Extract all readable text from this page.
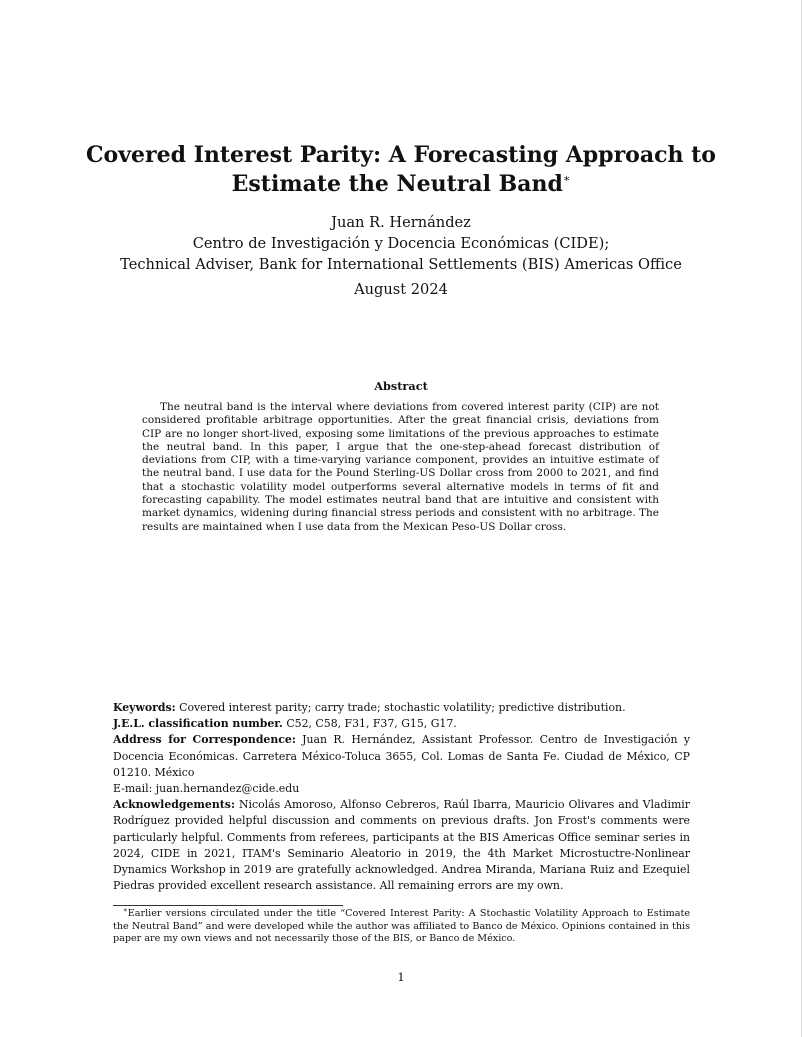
Covered Interest Parity: A Forecasting Approach to Estimate the Neutral Band∗
Juan R. Hernández
Centro de Investigación y Docencia Económicas (CIDE);
Technical Adviser, Bank for International Settlements (BIS) Americas Office
August 2024
Abstract
The neutral band is the interval where deviations from covered interest parity (CIP) are not considered profitable arbitrage opportunities. After the great financial crisis, deviations from CIP are no longer short-lived, exposing some limitations of the previous approaches to estimate the neutral band. In this paper, I argue that the one-step-ahead forecast distribution of deviations from CIP, with a time-varying variance component, provides an intuitive estimate of the neutral band. I use data for the Pound Sterling-US Dollar cross from 2000 to 2021, and find that a stochastic volatility model outperforms several alternative models in terms of fit and forecasting capability. The model estimates neutral band that are intuitive and consistent with market dynamics, widening during financial stress periods and consistent with no arbitrage. The results are maintained when I use data from the Mexican Peso-US Dollar cross.

Keywords: Covered interest parity; carry trade; stochastic volatility; predictive distribution.

J.E.L. classification number. C52, C58, F31, F37, G15, G17.

Address for Correspondence: Juan R. Hernández, Assistant Professor. Centro de Investigación y Docencia Económicas. Carretera México-Toluca 3655, Col. Lomas de Santa Fe. Ciudad de México, CP 01210. México

E-mail: juan.hernandez@cide.edu

Acknowledgements: Nicolás Amoroso, Alfonso Cebreros, Raúl Ibarra, Mauricio Olivares and Vladimir Rodríguez provided helpful discussion and comments on previous drafts. Jon Frost's comments were particularly helpful. Comments from referees, participants at the BIS Americas Office seminar series in 2024, CIDE in 2021, ITAM's Seminario Aleatorio in 2019, the 4th Market Microstuctre-Nonlinear Dynamics Workshop in 2019 are gratefully acknowledged. Andrea Miranda, Mariana Ruiz and Ezequiel Piedras provided excellent research assistance. All remaining errors are my own.

∗Earlier versions circulated under the title “Covered Interest Parity: A Stochastic Volatility Approach to Estimate the Neutral Band” and were developed while the author was affiliated to Banco de México. Opinions contained in this paper are my own views and not necessarily those of the BIS, or Banco de México.
1
